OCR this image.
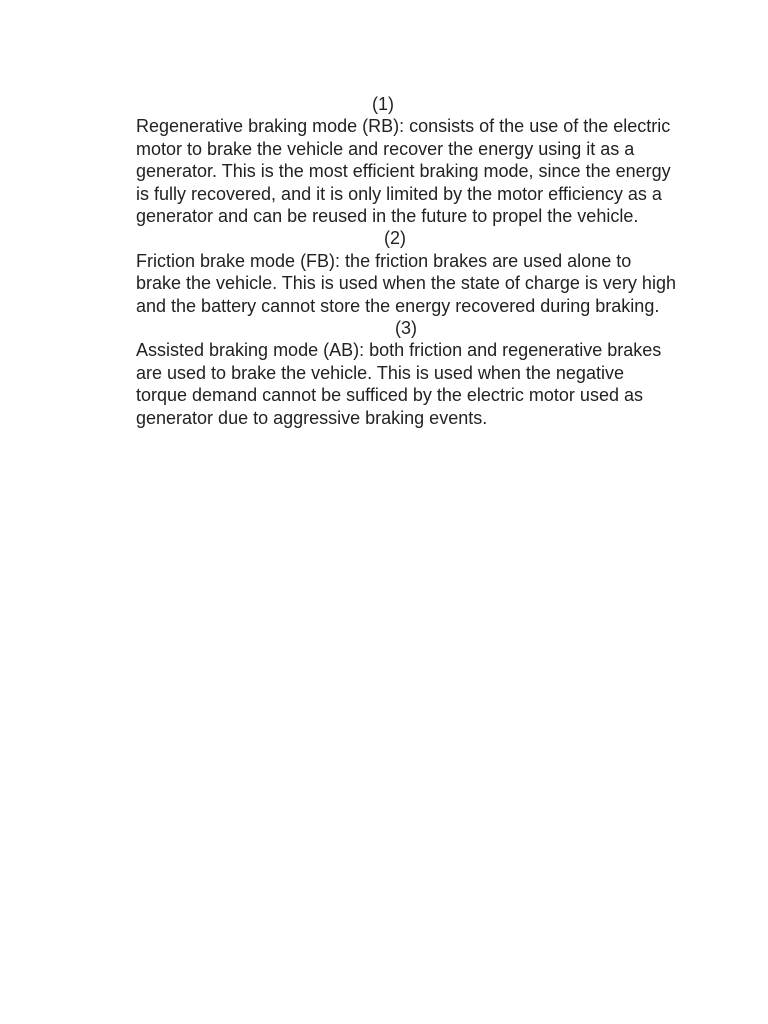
(1)
Regenerative braking mode (RB): consists of the use of the electric motor to brake the vehicle and recover the energy using it as a generator. This is the most efficient braking mode, since the energy is fully recovered, and it is only limited by the motor efficiency as a generator and can be reused in the future to propel the vehicle.
(2)
Friction brake mode (FB): the friction brakes are used alone to brake the vehicle. This is used when the state of charge is very high and the battery cannot store the energy recovered during braking.
(3)
Assisted braking mode (AB): both friction and regenerative brakes are used to brake the vehicle. This is used when the negative torque demand cannot be sufficed by the electric motor used as generator due to aggressive braking events.
